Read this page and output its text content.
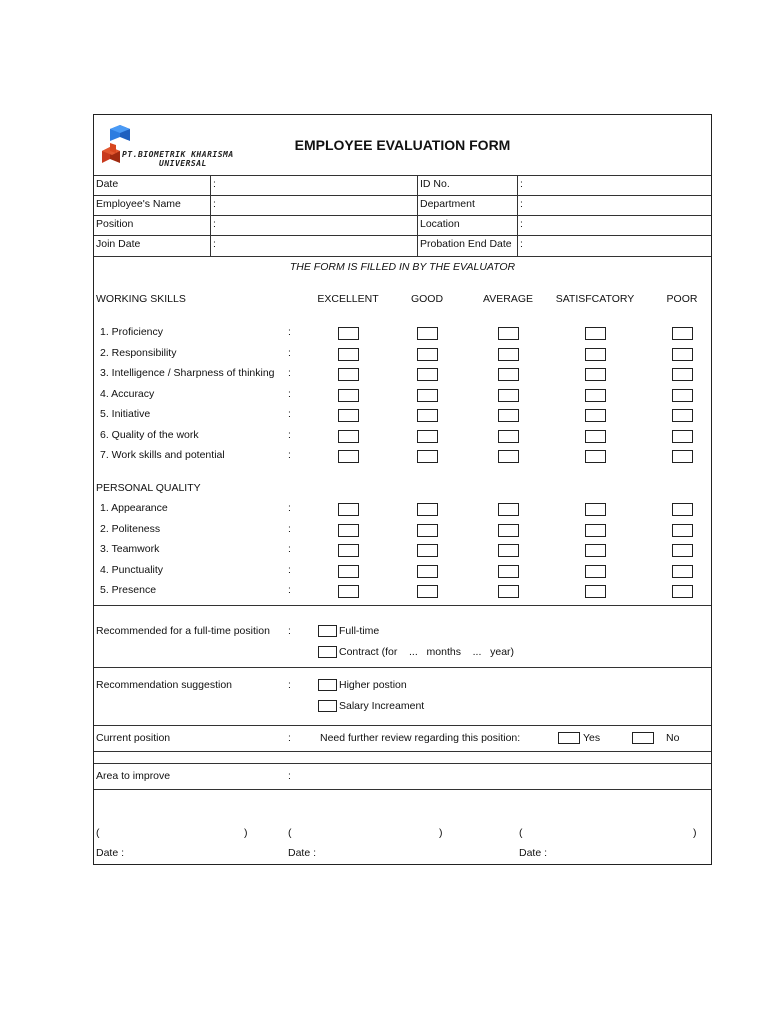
PT.BIOMETRIK KHARISMA
UNIVERSAL
EMPLOYEE EVALUATION FORM
Date	:	ID No.	:
Employee's Name	:	Department	:
Position	:	Location	:
Join Date	:	Probation End Date :
THE FORM IS FILLED IN BY THE EVALUATOR
WORKING SKILLS	EXCELLENT	GOOD	AVERAGE	SATISFCATORY	POOR
1. Proficiency	:
2. Responsibility	:
3. Intelligence / Sharpness of thinking :
4. Accuracy	:
5. Initiative	:
6. Quality of the work	:
7. Work skills and potential	:
PERSONAL QUALITY
1. Appearance	:
2. Politeness	:
3. Teamwork	:
4. Punctuality	:
5. Presence	:
Recommended for a full-time position :	Full-time
Contract (for    ...   months    ...   year)
Recommendation suggestion	:	Higher postion
Salary Increament
Current position	:	Need further review regarding this position:	Yes	No
Area to improve	:
(	)
Date :
(	)
Date :
(	)
Date :
